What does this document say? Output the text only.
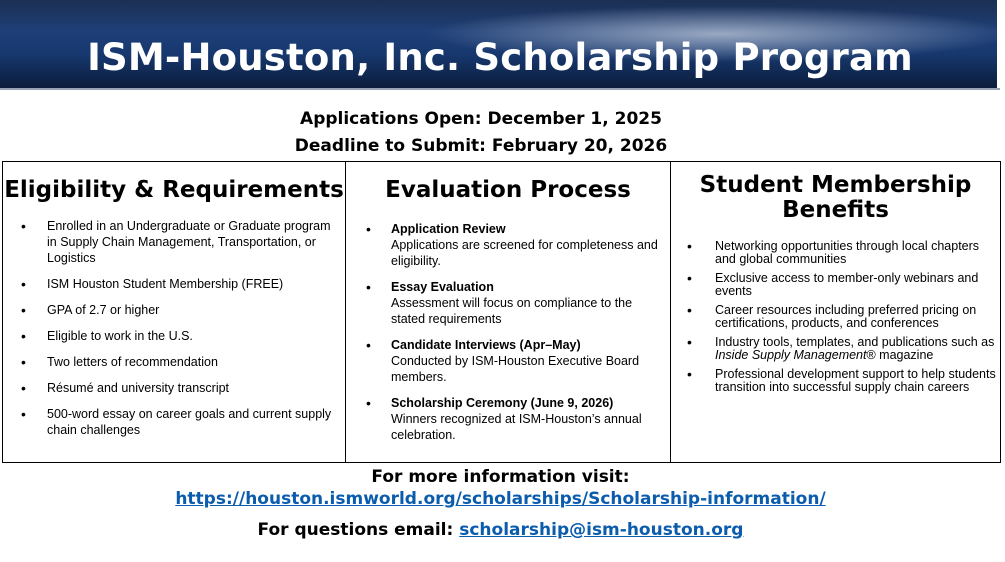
ISM-Houston, Inc. Scholarship Program
Applications Open: December 1, 2025
Deadline to Submit: February 20, 2026
Eligibility & Requirements
• Enrolled in an Undergraduate or Graduate program in Supply Chain Management, Transportation, or Logistics
• ISM Houston Student Membership (FREE)
• GPA of 2.7 or higher
• Eligible to work in the U.S.
• Two letters of recommendation
• Résumé and university transcript
• 500-word essay on career goals and current supply chain challenges
Evaluation Process
• Application Review
Applications are screened for completeness and eligibility.
• Essay Evaluation
Assessment will focus on compliance to the stated requirements
• Candidate Interviews (Apr–May)
Conducted by ISM-Houston Executive Board members.
• Scholarship Ceremony (June 9, 2026)
Winners recognized at ISM-Houston’s annual celebration.
Student Membership Benefits
• Networking opportunities through local chapters and global communities
• Exclusive access to member-only webinars and events
• Career resources including preferred pricing on certifications, products, and conferences
• Industry tools, templates, and publications such as Inside Supply Management® magazine
• Professional development support to help students transition into successful supply chain careers
For more information visit:
https://houston.ismworld.org/scholarships/Scholarship-information/
For questions email: scholarship@ism-houston.org
